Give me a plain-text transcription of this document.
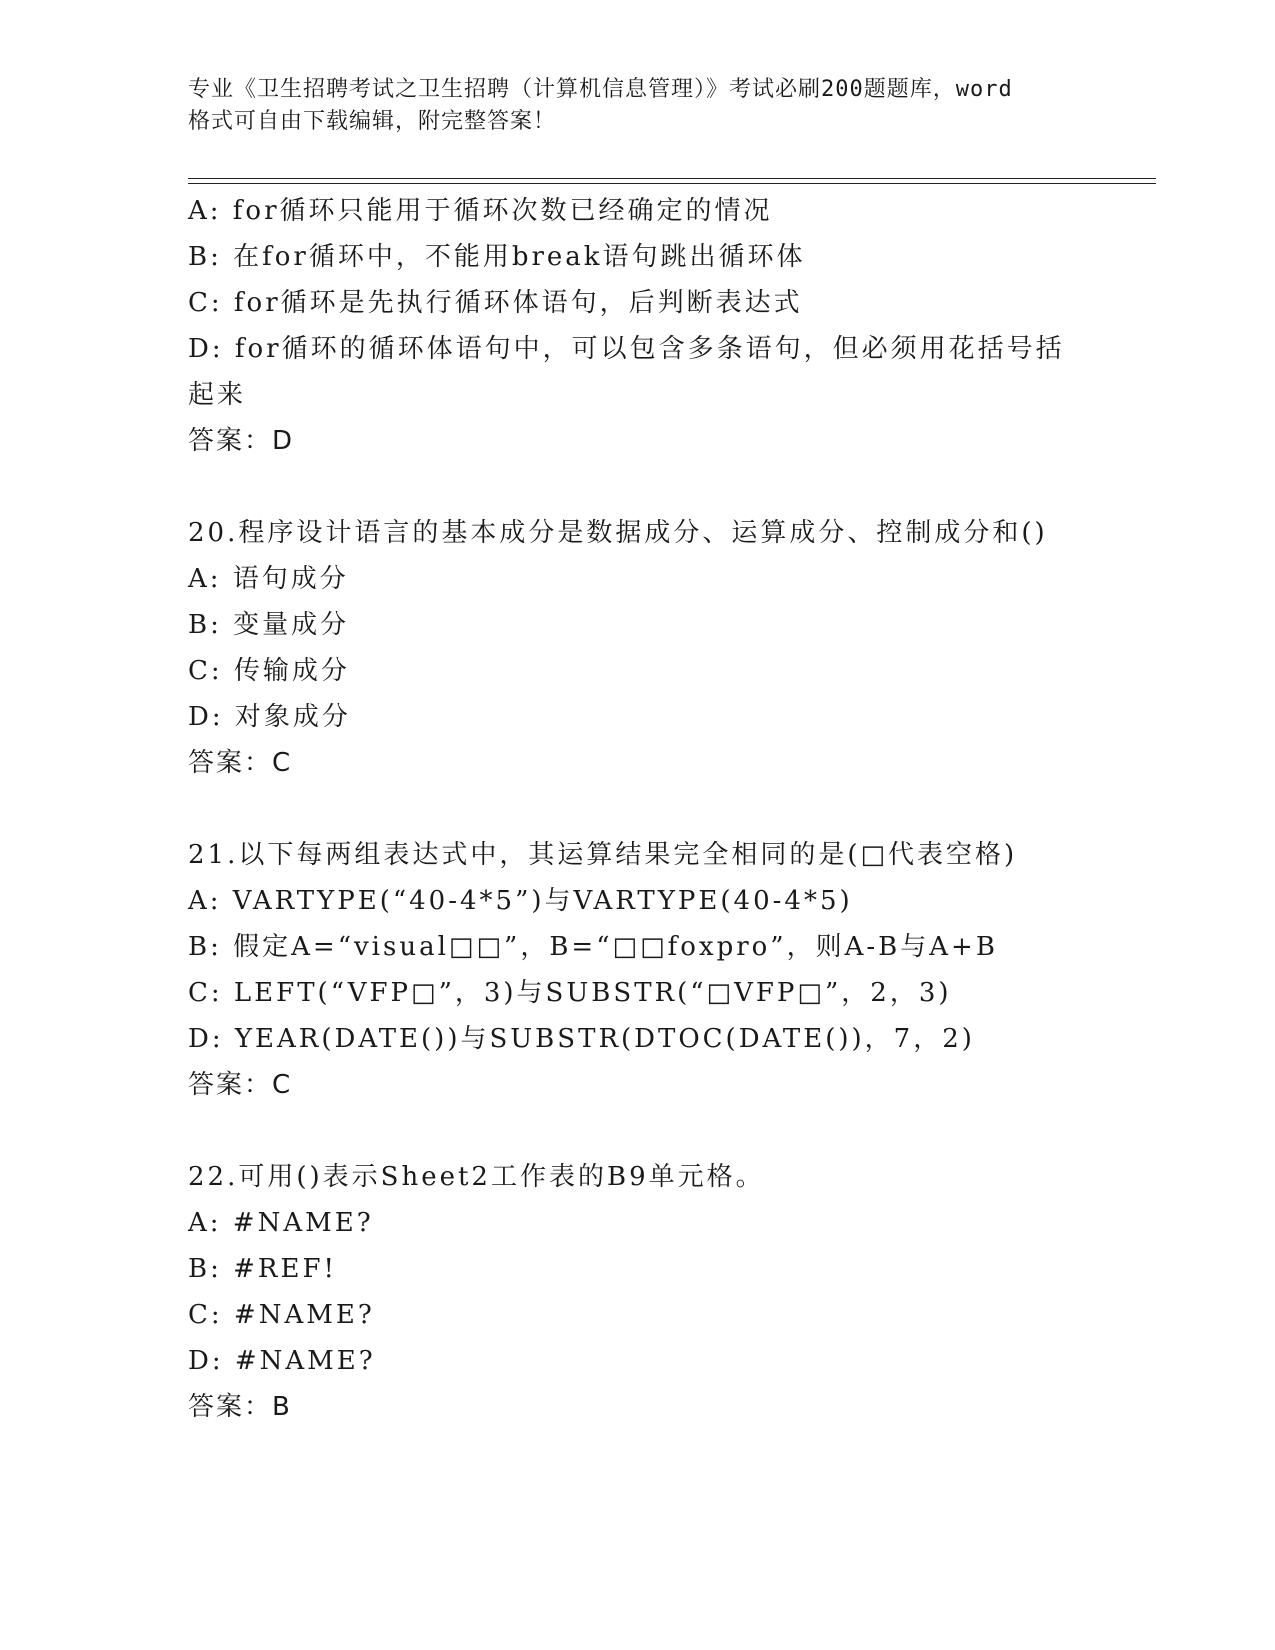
专业《卫生招聘考试之卫生招聘（计算机信息管理）》考试必刷200题题库，word
格式可自由下载编辑，附完整答案！
A: for循环只能用于循环次数已经确定的情况
B: 在for循环中，不能用break语句跳出循环体
C: for循环是先执行循环体语句，后判断表达式
D: for循环的循环体语句中，可以包含多条语句，但必须用花括号括起来
答案：D
20.程序设计语言的基本成分是数据成分、运算成分、控制成分和()
A: 语句成分
B: 变量成分
C: 传输成分
D: 对象成分
答案：C
21.以下每两组表达式中，其运算结果完全相同的是(□代表空格)
A: VARTYPE(“40-4*5”)与VARTYPE(40-4*5)
B: 假定A=“visual□□”，B=“□□foxpro”，则A-B与A+B
C: LEFT(“VFP□”，3)与SUBSTR(“□VFP□”，2，3)
D: YEAR(DATE())与SUBSTR(DTOC(DATE())，7，2)
答案：C
22.可用()表示Sheet2工作表的B9单元格。
A: #NAME?
B: #REF!
C: #NAME?
D: #NAME?
答案：B
